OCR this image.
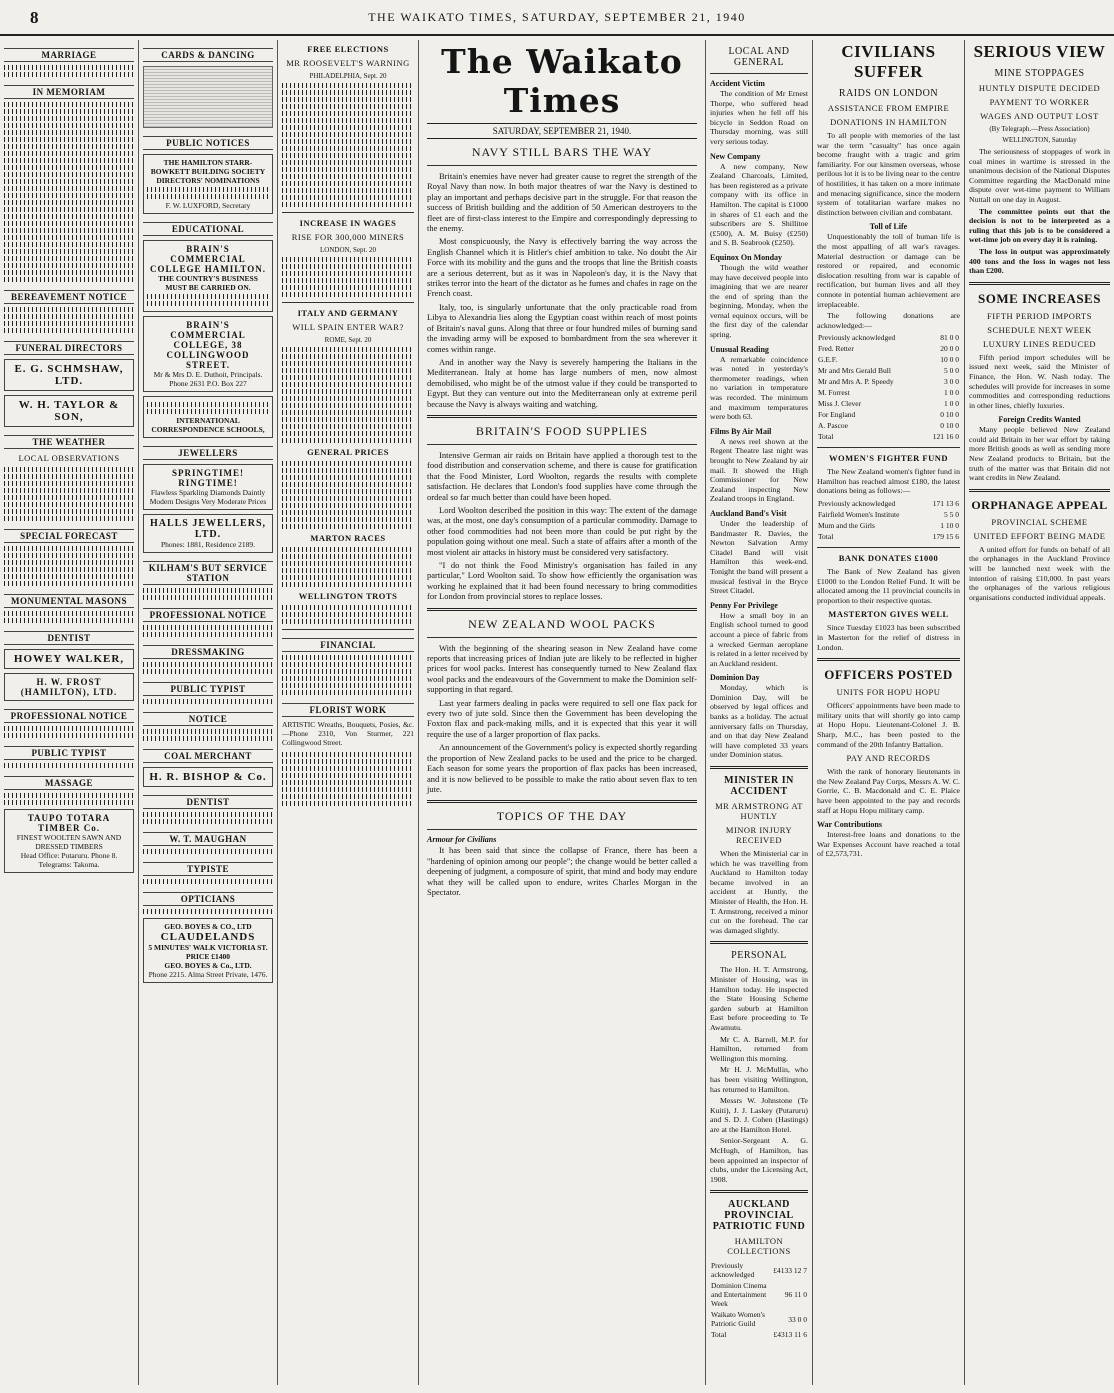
8	THE WAIKATO TIMES, SATURDAY, SEPTEMBER 21, 1940
MARRIAGE
IN MEMORIAM
BEREAVEMENT NOTICE
FUNERAL DIRECTORS
E. G. SCHMSHAW, LTD.
W. H. TAYLOR & SON,
THE WEATHER
LOCAL OBSERVATIONS
SPECIAL FORECAST
MONUMENTAL MASONS
DENTIST
HOWEY WALKER,
H. W. FROST (HAMILTON), LTD.
PROFESSIONAL NOTICE
PUBLIC TYPIST
MASSAGE
TAUPO TOTARA TIMBER Co.
FINEST WOOLTEN SAWN AND DRESSED TIMBERS
Head Office: Putaruru. Phone 8. Telegrams: Takoma.
CARDS & DANCING
PUBLIC NOTICES
THE HAMILTON STARR-BOWKETT BUILDING SOCIETY DIRECTORS' NOMINATIONS
F. W. LUXFORD, Secretary
EDUCATIONAL
BRAIN'S COMMERCIAL COLLEGE HAMILTON.
THE COUNTRY'S BUSINESS MUST BE CARRIED ON.
BRAIN'S COMMERCIAL COLLEGE, 38 COLLINGWOOD STREET.
Mr & Mrs D. E. Duthoit, Principals. Phone 2631 P.O. Box 227
INTERNATIONAL CORRESPONDENCE SCHOOLS,
JEWELLERS
SPRINGTIME! RINGTIME!
Flawless Sparkling Diamonds Daintly Modern Designs Very Moderate Prices
HALLS JEWELLERS, LTD.
Phones: 1881, Residence 2189.
KILHAM'S BUT SERVICE STATION
PROFESSIONAL NOTICE
DRESSMAKING
PUBLIC TYPIST
NOTICE
COAL MERCHANT
H. R. BISHOP & Co.
DENTIST
W. T. MAUGHAN
TYPISTE
OPTICIANS
GEO. BOYES & CO., LTD
CLAUDELANDS
5 MINUTES' WALK VICTORIA ST.
PRICE £1400
GEO. BOYES & Co., LTD.
Phone 2215. Alma Street Private, 1476.
FREE ELECTIONS
MR ROOSEVELT'S WARNING
PHILADELPHIA, Sept. 20
INCREASE IN WAGES
RISE FOR 300,000 MINERS
LONDON, Sept. 20
ITALY AND GERMANY
WILL SPAIN ENTER WAR?
ROME, Sept. 20
GENERAL PRICES
MARTON RACES
WELLINGTON TROTS
FINANCIAL
FLORIST WORK
ARTISTIC Wreaths, Bouquets, Posies, &c.—Phone 2310, Von Sturmer, 221 Collingwood Street.
The Waikato Times
SATURDAY, SEPTEMBER 21, 1940.
NAVY STILL BARS THE WAY

Britain's enemies have never had greater cause to regret the strength of the Royal Navy than now. In both major theatres of war the Navy is destined to play an important and perhaps decisive part in the struggle. For that reason the success of British building and the addition of 50 American destroyers to the fleet are of first-class interest to the Empire and correspondingly depressing to the enemy.

Most conspicuously, the Navy is effectively barring the way across the English Channel which it is Hitler's chief ambition to take. No doubt the Air Force with its mobility and the guns and the troops that line the British coasts are a serious deterrent, but as it was in Napoleon's day, it is the Navy that strikes terror into the heart of the dictator as he fumes and chafes in rage on the French coast.

Italy, too, is singularly unfortunate that the only practicable road from Libya to Alexandria lies along the Egyptian coast within reach of most points of Britain's naval guns. Along that three or four hundred miles of burning sand the invading army will be exposed to bombardment from the sea wherever it comes within range.

And in another way the Navy is severely hampering the Italians in the Mediterranean. Italy at home has large numbers of men, now almost demobilised, who might be of the utmost value if they could be transported to Egypt. But they can venture out into the Mediterranean only at extreme peril because the Navy is always waiting and watching.

BRITAIN'S FOOD SUPPLIES

Intensive German air raids on Britain have applied a thorough test to the food distribution and conservation scheme, and there is cause for gratification that the Food Minister, Lord Woolton, regards the results with complete satisfaction. He declares that London's food supplies have come through the ordeal so far much better than could have been hoped.

Lord Woolton described the position in this way: The extent of the damage was, at the most, one day's consumption of a particular commodity. Damage to other food commodities had not been more than could be put right by the population going without one meal. Such a state of affairs after a month of the most violent air attacks in history must be considered very satisfactory.

"I do not think the Food Ministry's organisation has failed in any particular," Lord Woolton said. To show how efficiently the organisation was working he explained that it had been found necessary to bring commodities for London from provincial stores to replace losses.

NEW ZEALAND WOOL PACKS

With the beginning of the shearing season in New Zealand have come reports that increasing prices of Indian jute are likely to be reflected in higher prices for wool packs. Interest has consequently turned to New Zealand flax wool packs and the endeavours of the Government to make the Dominion self-supporting in that regard.

Last year farmers dealing in packs were required to sell one flax pack for every two of jute sold. Since then the Government has been developing the Foxton flax and pack-making mills, and it is expected that this year it will require the use of a larger proportion of flax packs.

An announcement of the Government's policy is expected shortly regarding the proportion of New Zealand packs to be used and the price to be charged. Each season for some years the proportion of flax packs has been increased, and it is now believed to be possible to make the ratio about seven flax to ten jute.

TOPICS OF THE DAY
Armour for Civilians

It has been said that since the collapse of France, there has been a "hardening of opinion among our people"; the change would be better called a deepening of judgment, a composure of spirit, that mind and body may endure what they will be called upon to endure, writes Charles Morgan in the Spectator.

LOCAL AND GENERAL
Accident Victim

The condition of Mr Ernest Thorpe, who suffered head injuries when he fell off his bicycle in Seddon Road on Thursday morning, was still very serious today.

New Company

A new company, New Zealand Charcoals, Limited, has been registered as a private company with its office in Hamilton. The capital is £1000 in shares of £1 each and the subscribers are S. Shillitoe (£500), A. M. Buisy (£250) and S. B. Seabrook (£250).

Equinox On Monday

Though the wild weather may have deceived people into imagining that we are nearer the end of spring than the beginning, Monday, when the vernal equinox occurs, will be the first day of the calendar spring.

Unusual Reading

A remarkable coincidence was noted in yesterday's thermometer readings, when no variation in temperature was recorded. The minimum and maximum temperatures were both 63.

Films By Air Mail

A news reel shown at the Regent Theatre last night was brought to New Zealand by air mail. It showed the High Commissioner for New Zealand inspecting New Zealand troops in England.

Auckland Band's Visit

Under the leadership of Bandmaster R. Davies, the Newton Salvation Army Citadel Band will visit Hamilton this week-end. Tonight the band will present a musical festival in the Bryce Street Citadel.

Penny For Privilege

How a small boy in an English school turned to good account a piece of fabric from a wrecked German aeroplane is related in a letter received by an Auckland resident.

Dominion Day

Monday, which is Dominion Day, will be observed by legal offices and banks as a holiday. The actual anniversary falls on Thursday, and on that day New Zealand will have completed 33 years under Dominion status.

MINISTER IN ACCIDENT
MR ARMSTRONG AT HUNTLY
MINOR INJURY RECEIVED

When the Ministerial car in which he was travelling from Auckland to Hamilton today became involved in an accident at Huntly, the Minister of Health, the Hon. H. T. Armstrong, received a minor cut on the forehead. The car was damaged slightly.

PERSONAL

The Hon. H. T. Armstrong, Minister of Housing, was in Hamilton today. He inspected the State Housing Scheme garden suburb at Hamilton East before proceeding to Te Awamutu.

Mr C. A. Barrell, M.P. for Hamilton, returned from Wellington this morning.

Mr H. J. McMullin, who has been visiting Wellington, has returned to Hamilton.

Messrs W. Johnstone (Te Kuiti), J. J. Laskey (Putaruru) and S. D. J. Cohen (Hastings) are at the Hamilton Hotel.

Senior-Sergeant A. G. McHugh, of Hamilton, has been appointed an inspector of clubs, under the Licensing Act, 1908.

AUCKLAND PROVINCIAL PATRIOTIC FUND
HAMILTON COLLECTIONS
Previously acknowledged	£4133 12 7
Dominion Cinema and Entertainment Week	96 11 0
Waikato Women's Patriotic Guild	33 0 0
Total	£4313 11 6
CIVILIANS SUFFER
RAIDS ON LONDON
ASSISTANCE FROM EMPIRE
DONATIONS IN HAMILTON

To all people with memories of the last war the term "casualty" has once again become fraught with a tragic and grim familiarity. For our kinsmen overseas, whose perilous lot it is to be living near to the centre of hostilities, it has taken on a more intimate and menacing significance, since the modern system of totalitarian warfare makes no distinction between civilian and combatant.

Toll of Life

Unquestionably the toll of human life is the most appalling of all war's ravages. Material destruction or damage can be restored or repaired, and economic dislocation resulting from war is capable of rectification, but human lives and all they connote in potential human achievement are irreplaceable.

The following donations are acknowledged:—

Previously acknowledged	81 0 0
Fred. Retter	20 0 0
G.E.F.	10 0 0
Mr and Mrs Gerald Bull	5 0 0
Mr and Mrs A. P. Speedy	3 0 0
M. Forrest	1 0 0
Miss J. Clever	1 0 0
For England	0 10 0
A. Pascoe	0 10 0
Total	121 16 0
WOMEN'S FIGHTER FUND

The New Zealand women's fighter fund in Hamilton has reached almost £180, the latest donations being as follows:—

Previously acknowledged	171 13 6
Fairfield Women's Institute	5 5 0
Mum and the Girls	1 10 0
Total	179 15 6
BANK DONATES £1000

The Bank of New Zealand has given £1000 to the London Relief Fund. It will be allocated among the 11 provincial councils in proportion to their respective quotas.

MASTERTON GIVES WELL

Since Tuesday £1023 has been subscribed in Masterton for the relief of distress in London.

OFFICERS POSTED
UNITS FOR HOPU HOPU

Officers' appointments have been made to military units that will shortly go into camp at Hopu Hopu. Lieutenant-Colonel J. B. Sharp, M.C., has been posted to the command of the 20th Infantry Battalion.

PAY AND RECORDS

With the rank of honorary lieutenants in the New Zealand Pay Corps, Messrs A. W. C. Gorrie, C. B. Macdonald and C. E. Plaice have been appointed to the pay and records staff at Hopu Hopu military camp.

War Contributions

Interest-free loans and donations to the War Expenses Account have reached a total of £2,573,731.

SERIOUS VIEW
MINE STOPPAGES
HUNTLY DISPUTE DECIDED
PAYMENT TO WORKER
WAGES AND OUTPUT LOST
(By Telegraph.—Press Association)
WELLINGTON, Saturday

The seriousness of stoppages of work in coal mines in wartime is stressed in the unanimous decision of the National Disputes Committee regarding the MacDonald mine dispute over wet-time payment to William Nuttall on one day in August.

The committee points out that the decision is not to be interpreted as a ruling that this job is to be considered a wet-time job on every day it is raining.

The loss in output was approximately 400 tons and the loss in wages not less than £200.

SOME INCREASES
FIFTH PERIOD IMPORTS
SCHEDULE NEXT WEEK
LUXURY LINES REDUCED

Fifth period import schedules will be issued next week, said the Minister of Finance, the Hon. W. Nash today. The schedules will provide for increases in some commodities and corresponding reductions in other lines, chiefly luxuries.

Foreign Credits Wanted

Many people believed New Zealand could aid Britain in her war effort by taking more British goods as well as sending more New Zealand products to Britain, but the truth of the matter was that Britain did not want credits in New Zealand.

ORPHANAGE APPEAL
PROVINCIAL SCHEME
UNITED EFFORT BEING MADE

A united effort for funds on behalf of all the orphanages in the Auckland Province will be launched next week with the intention of raising £10,000. In past years the orphanages of the various religious organisations conducted individual appeals.
